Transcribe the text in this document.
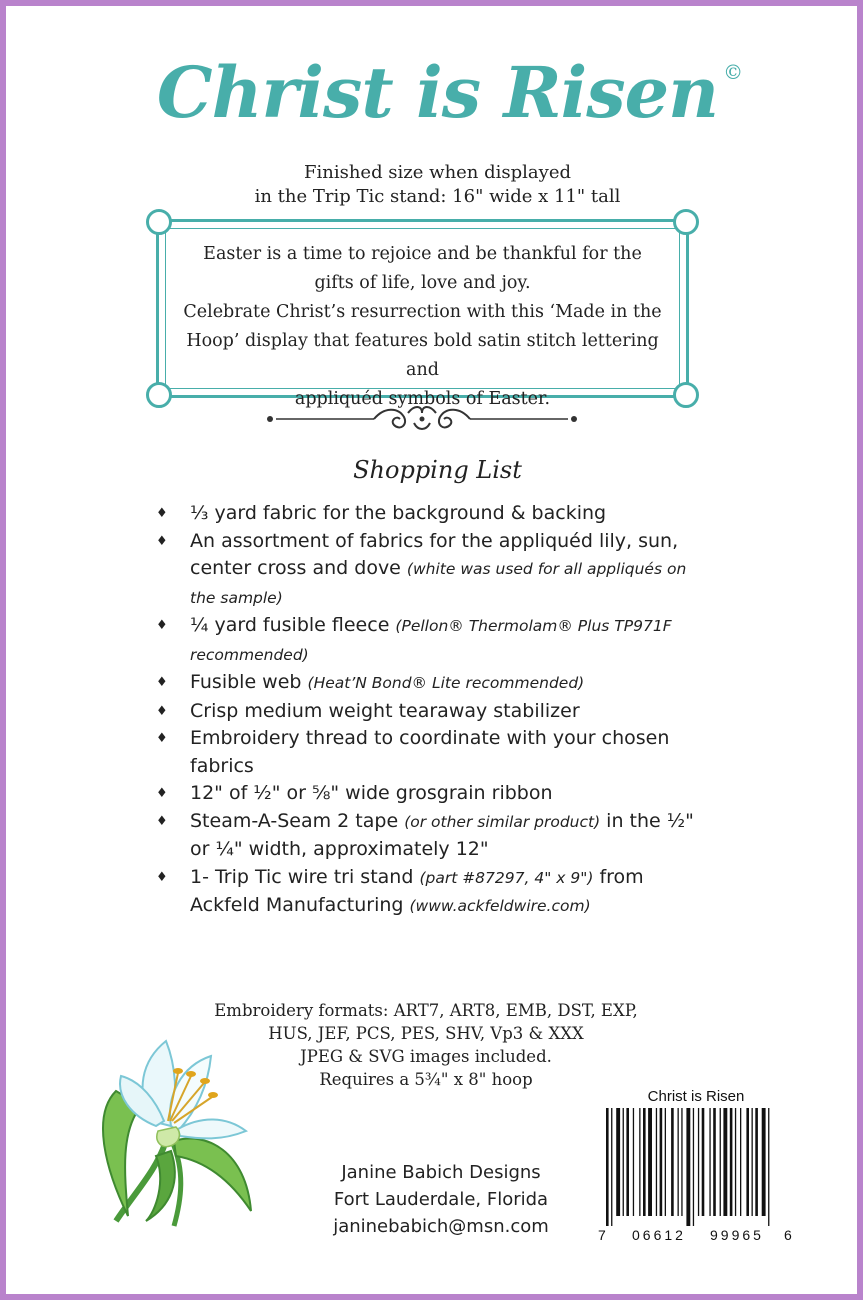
Christ is Risen ©
Finished size when displayed
in the Trip Tic stand: 16" wide x 11" tall
Easter is a time to rejoice and be thankful for the
gifts of life, love and joy.
Celebrate Christ’s resurrection with this ‘Made in the
Hoop’ display that features bold satin stitch lettering and
appliquéd symbols of Easter.
Shopping List
♦ ⅓ yard fabric for the background & backing
♦ An assortment of fabrics for the appliquéd lily, sun, center cross and dove (white was used for all appliqués on the sample)
♦ ¼ yard fusible fleece (Pellon® Thermolam® Plus TP971F recommended)
♦ Fusible web (Heat’N Bond® Lite recommended)
♦ Crisp medium weight tearaway stabilizer
♦ Embroidery thread to coordinate with your chosen fabrics
♦ 12" of ½" or ⅝" wide grosgrain ribbon
♦ Steam-A-Seam 2 tape (or other similar product) in the ½" or ¼" width, approximately 12"
♦ 1- Trip Tic wire tri stand (part #87297, 4" x 9") from Ackfeld Manufacturing (www.ackfeldwire.com)
Embroidery formats: ART7, ART8, EMB, DST, EXP,
HUS, JEF, PCS, PES, SHV, Vp3 & XXX
JPEG & SVG images included.
Requires a 5¾" x 8" hoop
Janine Babich Designs
Fort Lauderdale, Florida
janinebabich@msn.com
Christ is Risen
7 06612 99965 6
